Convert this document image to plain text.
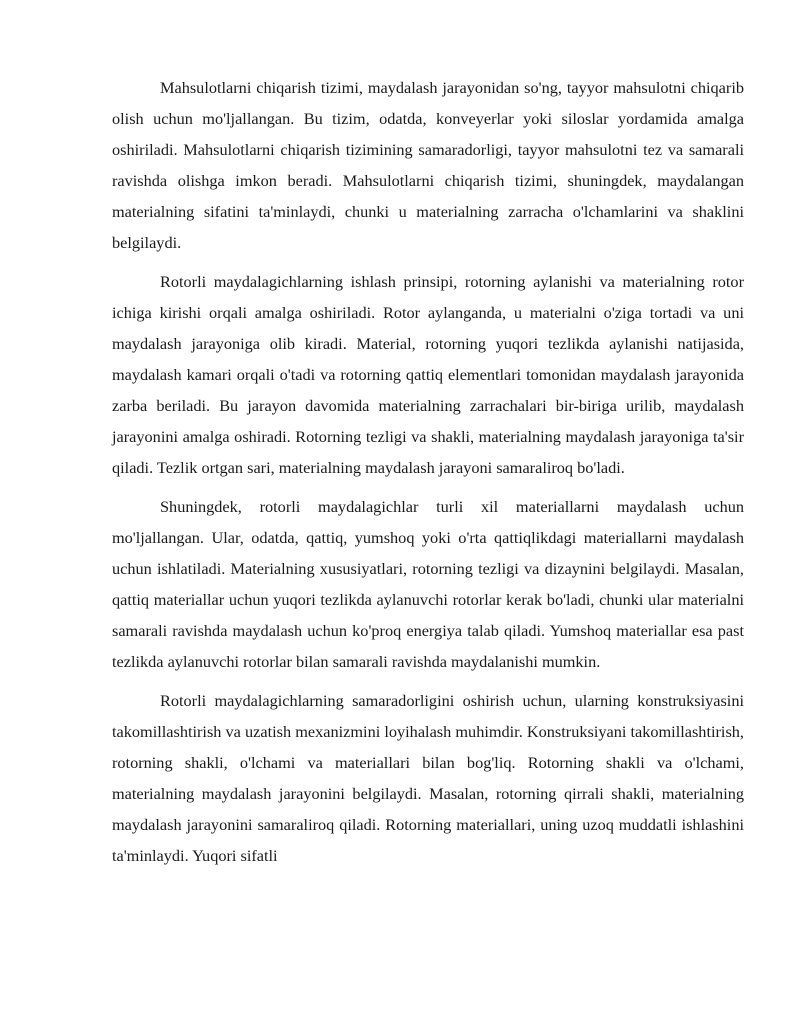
Mahsulotlarni chiqarish tizimi, maydalash jarayonidan so'ng, tayyor mahsulotni chiqarib olish uchun mo'ljallangan. Bu tizim, odatda, konveyerlar yoki siloslar yordamida amalga oshiriladi. Mahsulotlarni chiqarish tizimining samaradorligi, tayyor mahsulotni tez va samarali ravishda olishga imkon beradi. Mahsulotlarni chiqarish tizimi, shuningdek, maydalangan materialning sifatini ta'minlaydi, chunki u materialning zarracha o'lchamlarini va shaklini belgilaydi.

Rotorli maydalagichlarning ishlash prinsipi, rotorning aylanishi va materialning rotor ichiga kirishi orqali amalga oshiriladi. Rotor aylanganda, u materialni o'ziga tortadi va uni maydalash jarayoniga olib kiradi. Material, rotorning yuqori tezlikda aylanishi natijasida, maydalash kamari orqali o'tadi va rotorning qattiq elementlari tomonidan maydalash jarayonida zarba beriladi. Bu jarayon davomida materialning zarrachalari bir-biriga urilib, maydalash jarayonini amalga oshiradi. Rotorning tezligi va shakli, materialning maydalash jarayoniga ta'sir qiladi. Tezlik ortgan sari, materialning maydalash jarayoni samaraliroq bo'ladi.

Shuningdek, rotorli maydalagichlar turli xil materiallarni maydalash uchun mo'ljallangan. Ular, odatda, qattiq, yumshoq yoki o'rta qattiqlikdagi materiallarni maydalash uchun ishlatiladi. Materialning xususiyatlari, rotorning tezligi va dizaynini belgilaydi. Masalan, qattiq materiallar uchun yuqori tezlikda aylanuvchi rotorlar kerak bo'ladi, chunki ular materialni samarali ravishda maydalash uchun ko'proq energiya talab qiladi. Yumshoq materiallar esa past tezlikda aylanuvchi rotorlar bilan samarali ravishda maydalanishi mumkin.

Rotorli maydalagichlarning samaradorligini oshirish uchun, ularning konstruksiyasini takomillashtirish va uzatish mexanizmini loyihalash muhimdir. Konstruksiyani takomillashtirish, rotorning shakli, o'lchami va materiallari bilan bog'liq. Rotorning shakli va o'lchami, materialning maydalash jarayonini belgilaydi. Masalan, rotorning qirrali shakli, materialning maydalash jarayonini samaraliroq qiladi. Rotorning materiallari, uning uzoq muddatli ishlashini ta'minlaydi. Yuqori sifatli
